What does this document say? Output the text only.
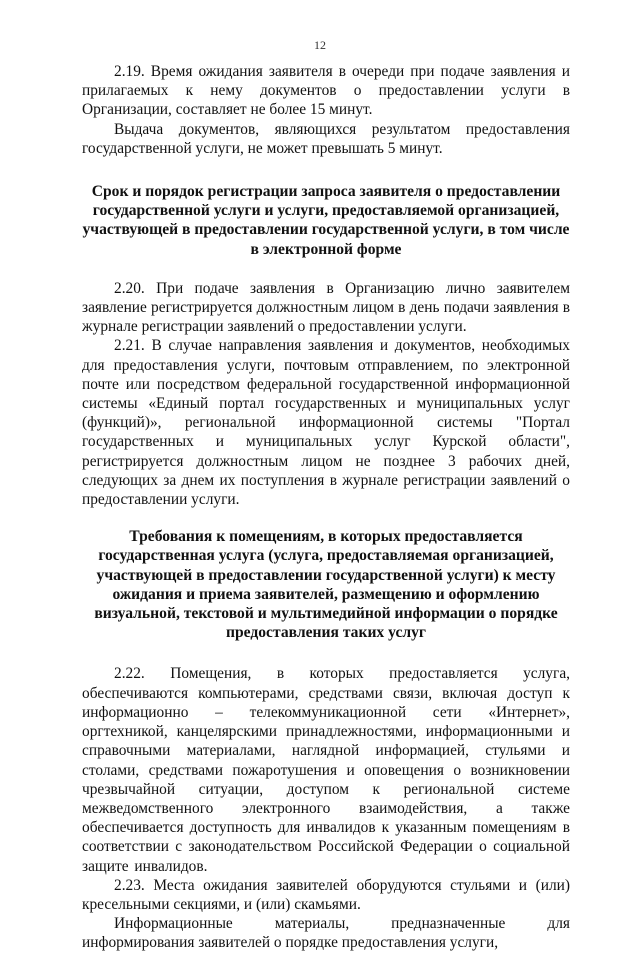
12

2.19. Время ожидания заявителя в очереди при подаче заявления и прилагаемых к нему документов о предоставлении услуги в Организации, составляет не более 15 минут.

Выдача документов, являющихся результатом предоставления государственной услуги, не может превышать 5 минут.

Срок и порядок регистрации запроса заявителя о предоставлении государственной услуги и услуги, предоставляемой организацией, участвующей в предоставлении государственной услуги, в том числе в электронной форме

2.20. При подаче заявления в Организацию лично заявителем заявление регистрируется должностным лицом в день подачи заявления в журнале регистрации заявлений о предоставлении услуги.

2.21. В случае направления заявления и документов, необходимых для предоставления услуги, почтовым отправлением, по электронной почте или посредством федеральной государственной информационной системы «Единый портал государственных и муниципальных услуг (функций)», региональной информационной системы "Портал государственных и муниципальных услуг Курской области", регистрируется должностным лицом не позднее 3 рабочих дней, следующих за днем их поступления в журнале регистрации заявлений о предоставлении услуги.

Требования к помещениям, в которых предоставляется государственная услуга (услуга, предоставляемая организацией, участвующей в предоставлении государственной услуги) к месту ожидания и приема заявителей, размещению и оформлению визуальной, текстовой и мультимедийной информации о порядке предоставления таких услуг

2.22. Помещения, в которых предоставляется услуга, обеспечиваются компьютерами, средствами связи, включая доступ к информационно – телекоммуникационной сети «Интернет», оргтехникой, канцелярскими принадлежностями, информационными и справочными материалами, наглядной информацией, стульями и столами, средствами пожаротушения и оповещения о возникновении чрезвычайной ситуации, доступом к региональной системе межведомственного электронного взаимодействия, а также обеспечивается доступность для инвалидов к указанным помещениям в соответствии с законодательством Российской Федерации о социальной защите инвалидов.

2.23. Места ожидания заявителей оборудуются стульями и (или) кресельными секциями, и (или) скамьями.

Информационные материалы, предназначенные для информирования заявителей о порядке предоставления услуги,
